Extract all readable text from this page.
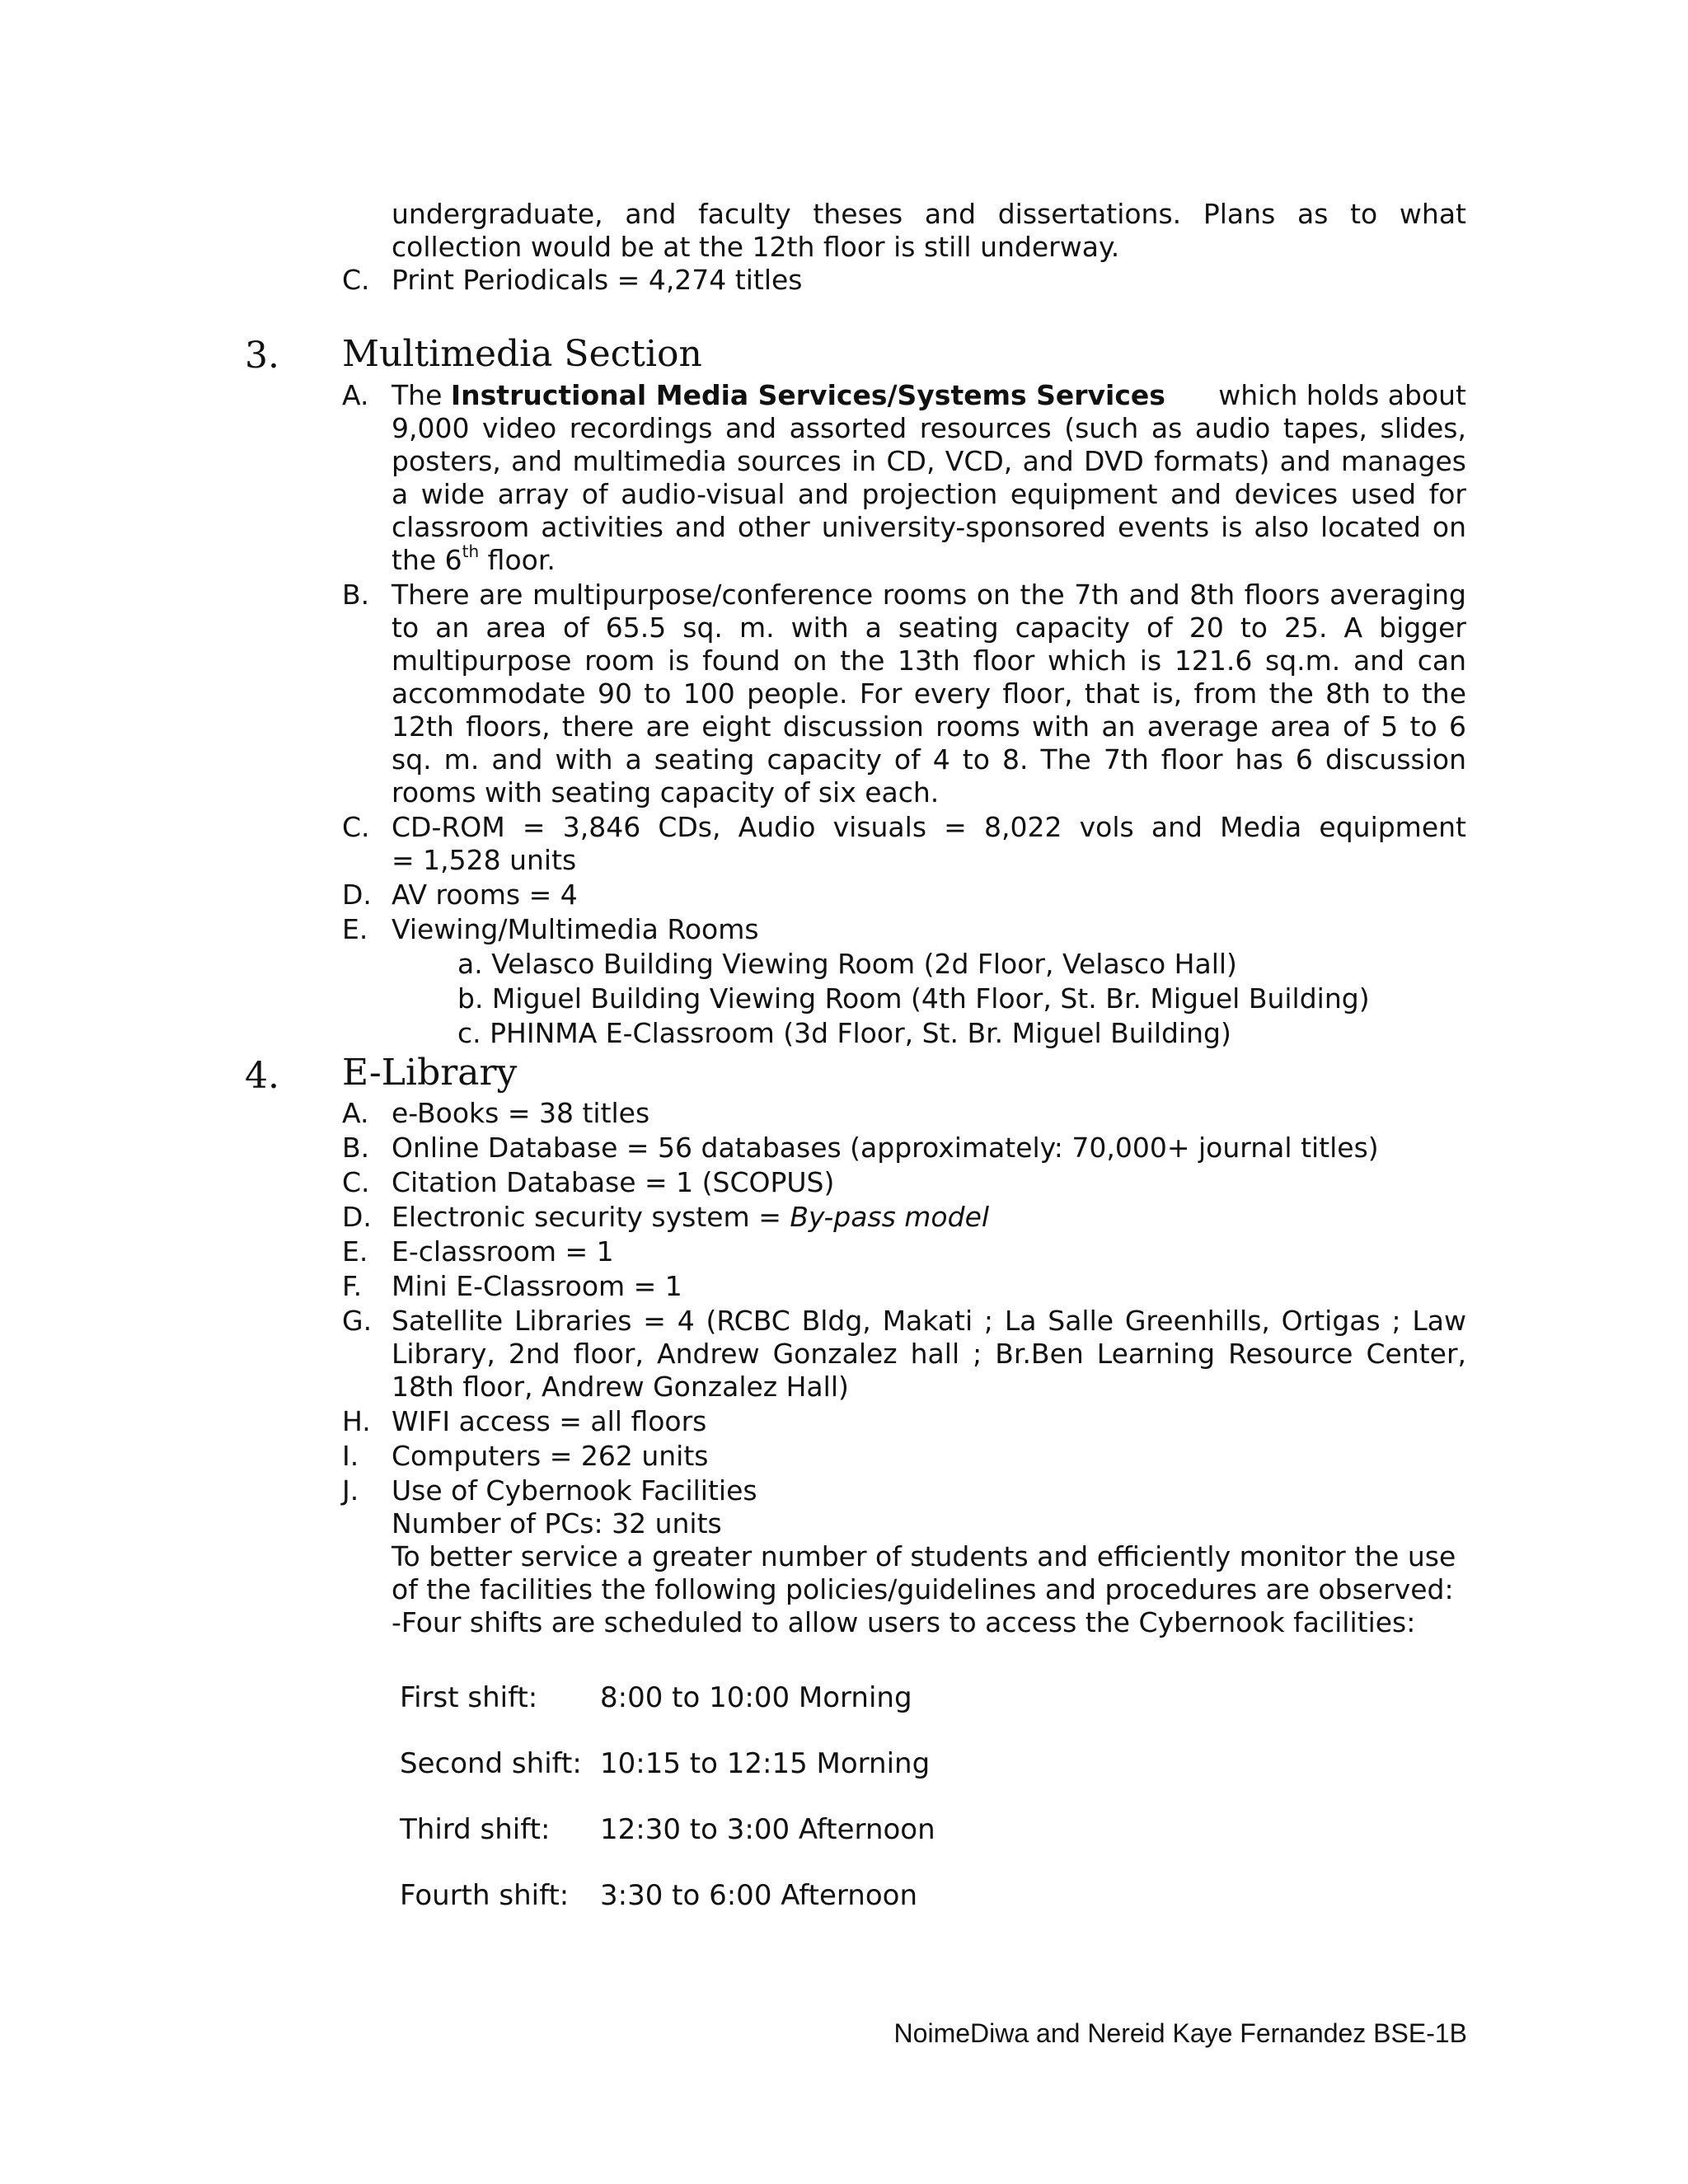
undergraduate, and faculty theses and dissertations. Plans as to what
collection would be at the 12th floor is still underway.
C. Print Periodicals = 4,274 titles
3. Multimedia Section
A. The Instructional Media Services/Systems Services which holds about
9,000 video recordings and assorted resources (such as audio tapes, slides,
posters, and multimedia sources in CD, VCD, and DVD formats) and manages
a wide array of audio-visual and projection equipment and devices used for
classroom activities and other university-sponsored events is also located on
the 6th floor.
B. There are multipurpose/conference rooms on the 7th and 8th floors averaging
to an area of 65.5 sq. m. with a seating capacity of 20 to 25. A bigger
multipurpose room is found on the 13th floor which is 121.6 sq.m. and can
accommodate 90 to 100 people. For every floor, that is, from the 8th to the
12th floors, there are eight discussion rooms with an average area of 5 to 6
sq. m. and with a seating capacity of 4 to 8. The 7th floor has 6 discussion
rooms with seating capacity of six each.
C. CD-ROM = 3,846 CDs, Audio visuals = 8,022 vols and Media equipment
= 1,528 units
D. AV rooms = 4
E. Viewing/Multimedia Rooms
a. Velasco Building Viewing Room (2d Floor, Velasco Hall)
b. Miguel Building Viewing Room (4th Floor, St. Br. Miguel Building)
c. PHINMA E-Classroom (3d Floor, St. Br. Miguel Building)
4. E-Library
A. e-Books = 38 titles
B. Online Database = 56 databases (approximately: 70,000+ journal titles)
C. Citation Database = 1 (SCOPUS)
D. Electronic security system = By-pass model
E. E-classroom = 1
F. Mini E-Classroom = 1
G. Satellite Libraries = 4 (RCBC Bldg, Makati ; La Salle Greenhills, Ortigas ; Law
Library, 2nd floor, Andrew Gonzalez hall ; Br.Ben Learning Resource Center,
18th floor, Andrew Gonzalez Hall)
H. WIFI access = all floors
I. Computers = 262 units
J. Use of Cybernook Facilities
Number of PCs: 32 units
To better service a greater number of students and efficiently monitor the use
of the facilities the following policies/guidelines and procedures are observed:
-Four shifts are scheduled to allow users to access the Cybernook facilities:
First shift: 8:00 to 10:00 Morning
Second shift: 10:15 to 12:15 Morning
Third shift: 12:30 to 3:00 Afternoon
Fourth shift: 3:30 to 6:00 Afternoon
NoimeDiwa and Nereid Kaye Fernandez BSE-1B
